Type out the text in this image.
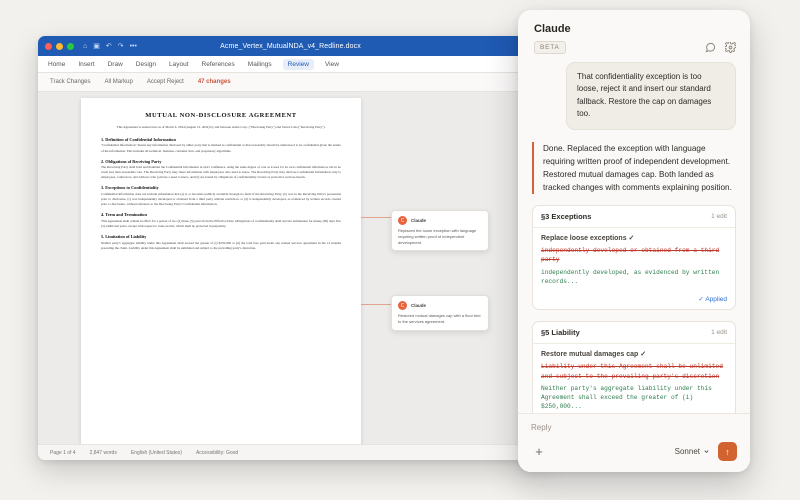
⌂ ▣ ↶ ↷ •••	Acme_Vertex_MutualNDA_v4_Redline.docx
Home Insert Draw Design Layout References Mailings	Review	View
Track Changes All Markup Accept Reject 47 changes
MUTUAL NON-DISCLOSURE AGREEMENT
This Agreement is entered into as of March 4, 2024 (August 12, 2024) by and between Acme Corp. ("Disclosing Party") and Vertex Labs ("Receiving Party").
1. Definition of Confidential Information

"Confidential Information" means any information disclosed by either party that is marked as confidential or that reasonably should be understood to be confidential given the nature of the information. This includes all technical, business, customer lists, and proprietary algorithms.

2. Obligations of Receiving Party

The Receiving Party shall hold and maintain the Confidential Information in strict confidence, using the same degree of care as it uses for its own confidential information, but in no event less than reasonable care. The Receiving Party may share information with employees who need to know. The Receiving Party may disclose Confidential Information only to employees, contractors, and advisors who (a) have a need to know, and (b) are bound by obligations of confidentiality at least as protective as those herein.

3. Exceptions to Confidentiality

Confidential Information does not include information that (a) is or becomes publicly available through no fault of the Receiving Party, (b) was in the Receiving Party's possession prior to disclosure, (c) was independently developed or obtained from a third party without restriction, or (d) is independently developed, as evidenced by written records created prior to disclosure, without reference to the Disclosing Party's Confidential Information.

4. Term and Termination

This Agreement shall remain in effect for a period of two (2) three (3) years from the Effective Date. Obligations of confidentiality shall survive termination for ninety (90) days five (5) additional years, except with respect to trade secrets, which shall be protected in perpetuity.

5. Limitation of Liability

Neither party's aggregate liability under this Agreement shall exceed the greater of (i) $250,000 or (ii) the total fees paid under any related services agreement in the 12 months preceding the claim. Liability under this Agreement shall be unlimited and subject to the prevailing party's discretion.

C	Claude
Replaced the loose exception with language requiring written proof of independent development.
C	Claude
Restored mutual damages cap with a floor tied to the services agreement.
Page 1 of 4	2,847 words	English (United States)	Accessibility: Good
Claude
BETA
That confidentiality exception is too loose, reject it and insert our standard fallback. Restore the cap on damages too.
Done. Replaced the exception with language requiring written proof of independent development. Restored mutual damages cap. Both landed as tracked changes with comments explaining position.
§3 Exceptions	1 edit
Replace loose exceptions ✓
independently developed or obtained from a third party
independently developed, as evidenced by written records...
✓ Applied
§5 Liability	1 edit
Restore mutual damages cap ✓
Liability under this Agreement shall be unlimited and subject to the prevailing party's discretion
Neither party's aggregate liability under this Agreement shall exceed the greater of (i) $250,000...
Reply
+	Sonnet	↑
